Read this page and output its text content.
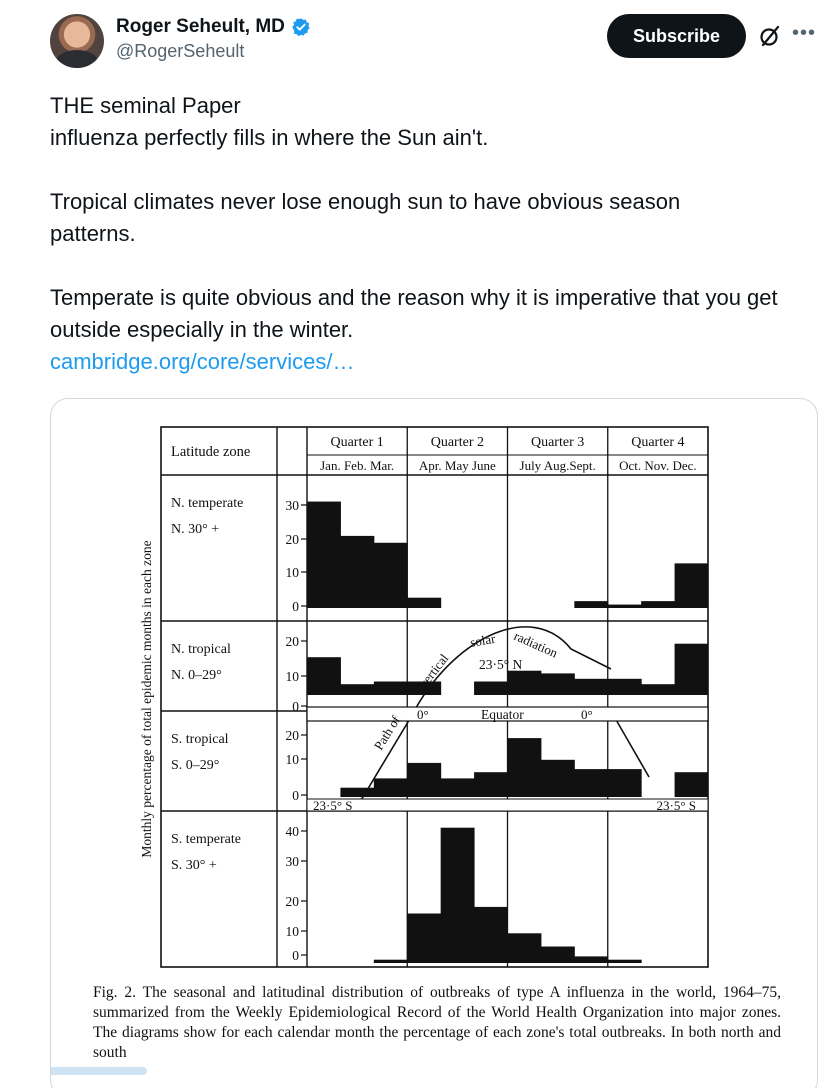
Roger Seheult, MD
@RogerSeheult
Subscribe	•••

THE seminal Paper

influenza perfectly fills in where the Sun ain't.

Tropical climates never lose enough sun to have obvious season patterns.

Temperate is quite obvious and the reason why it is imperative that you get outside especially in the winter.

cambridge.org/core/services/…
Latitude zone
Quarter 1
Jan. Feb. Mar.
Quarter 2
Apr. May June
Quarter 3
July Aug.Sept.
Quarter 4
Oct. Nov. Dec.
Monthly percentage of total epidemic months in each zone
N. temperate
N. 30° +
30
20
10
0
N. tropical
N. 0–29°
20
10
0
S. tropical
S. 0–29°
20
10
0
S. temperate
S. 30° +
40
30
20
10
0
Equator
0°	0°
Path of
vertical
solar radiation
23·5° N
23·5° S	23·5° S
Fig. 2. The seasonal and latitudinal distribution of outbreaks of type A influenza in the world, 1964–75, summarized from the Weekly Epidemiological Record of the World Health Organization into major zones. The diagrams show for each calendar month the percentage of each zone's total outbreaks. In both north and south
